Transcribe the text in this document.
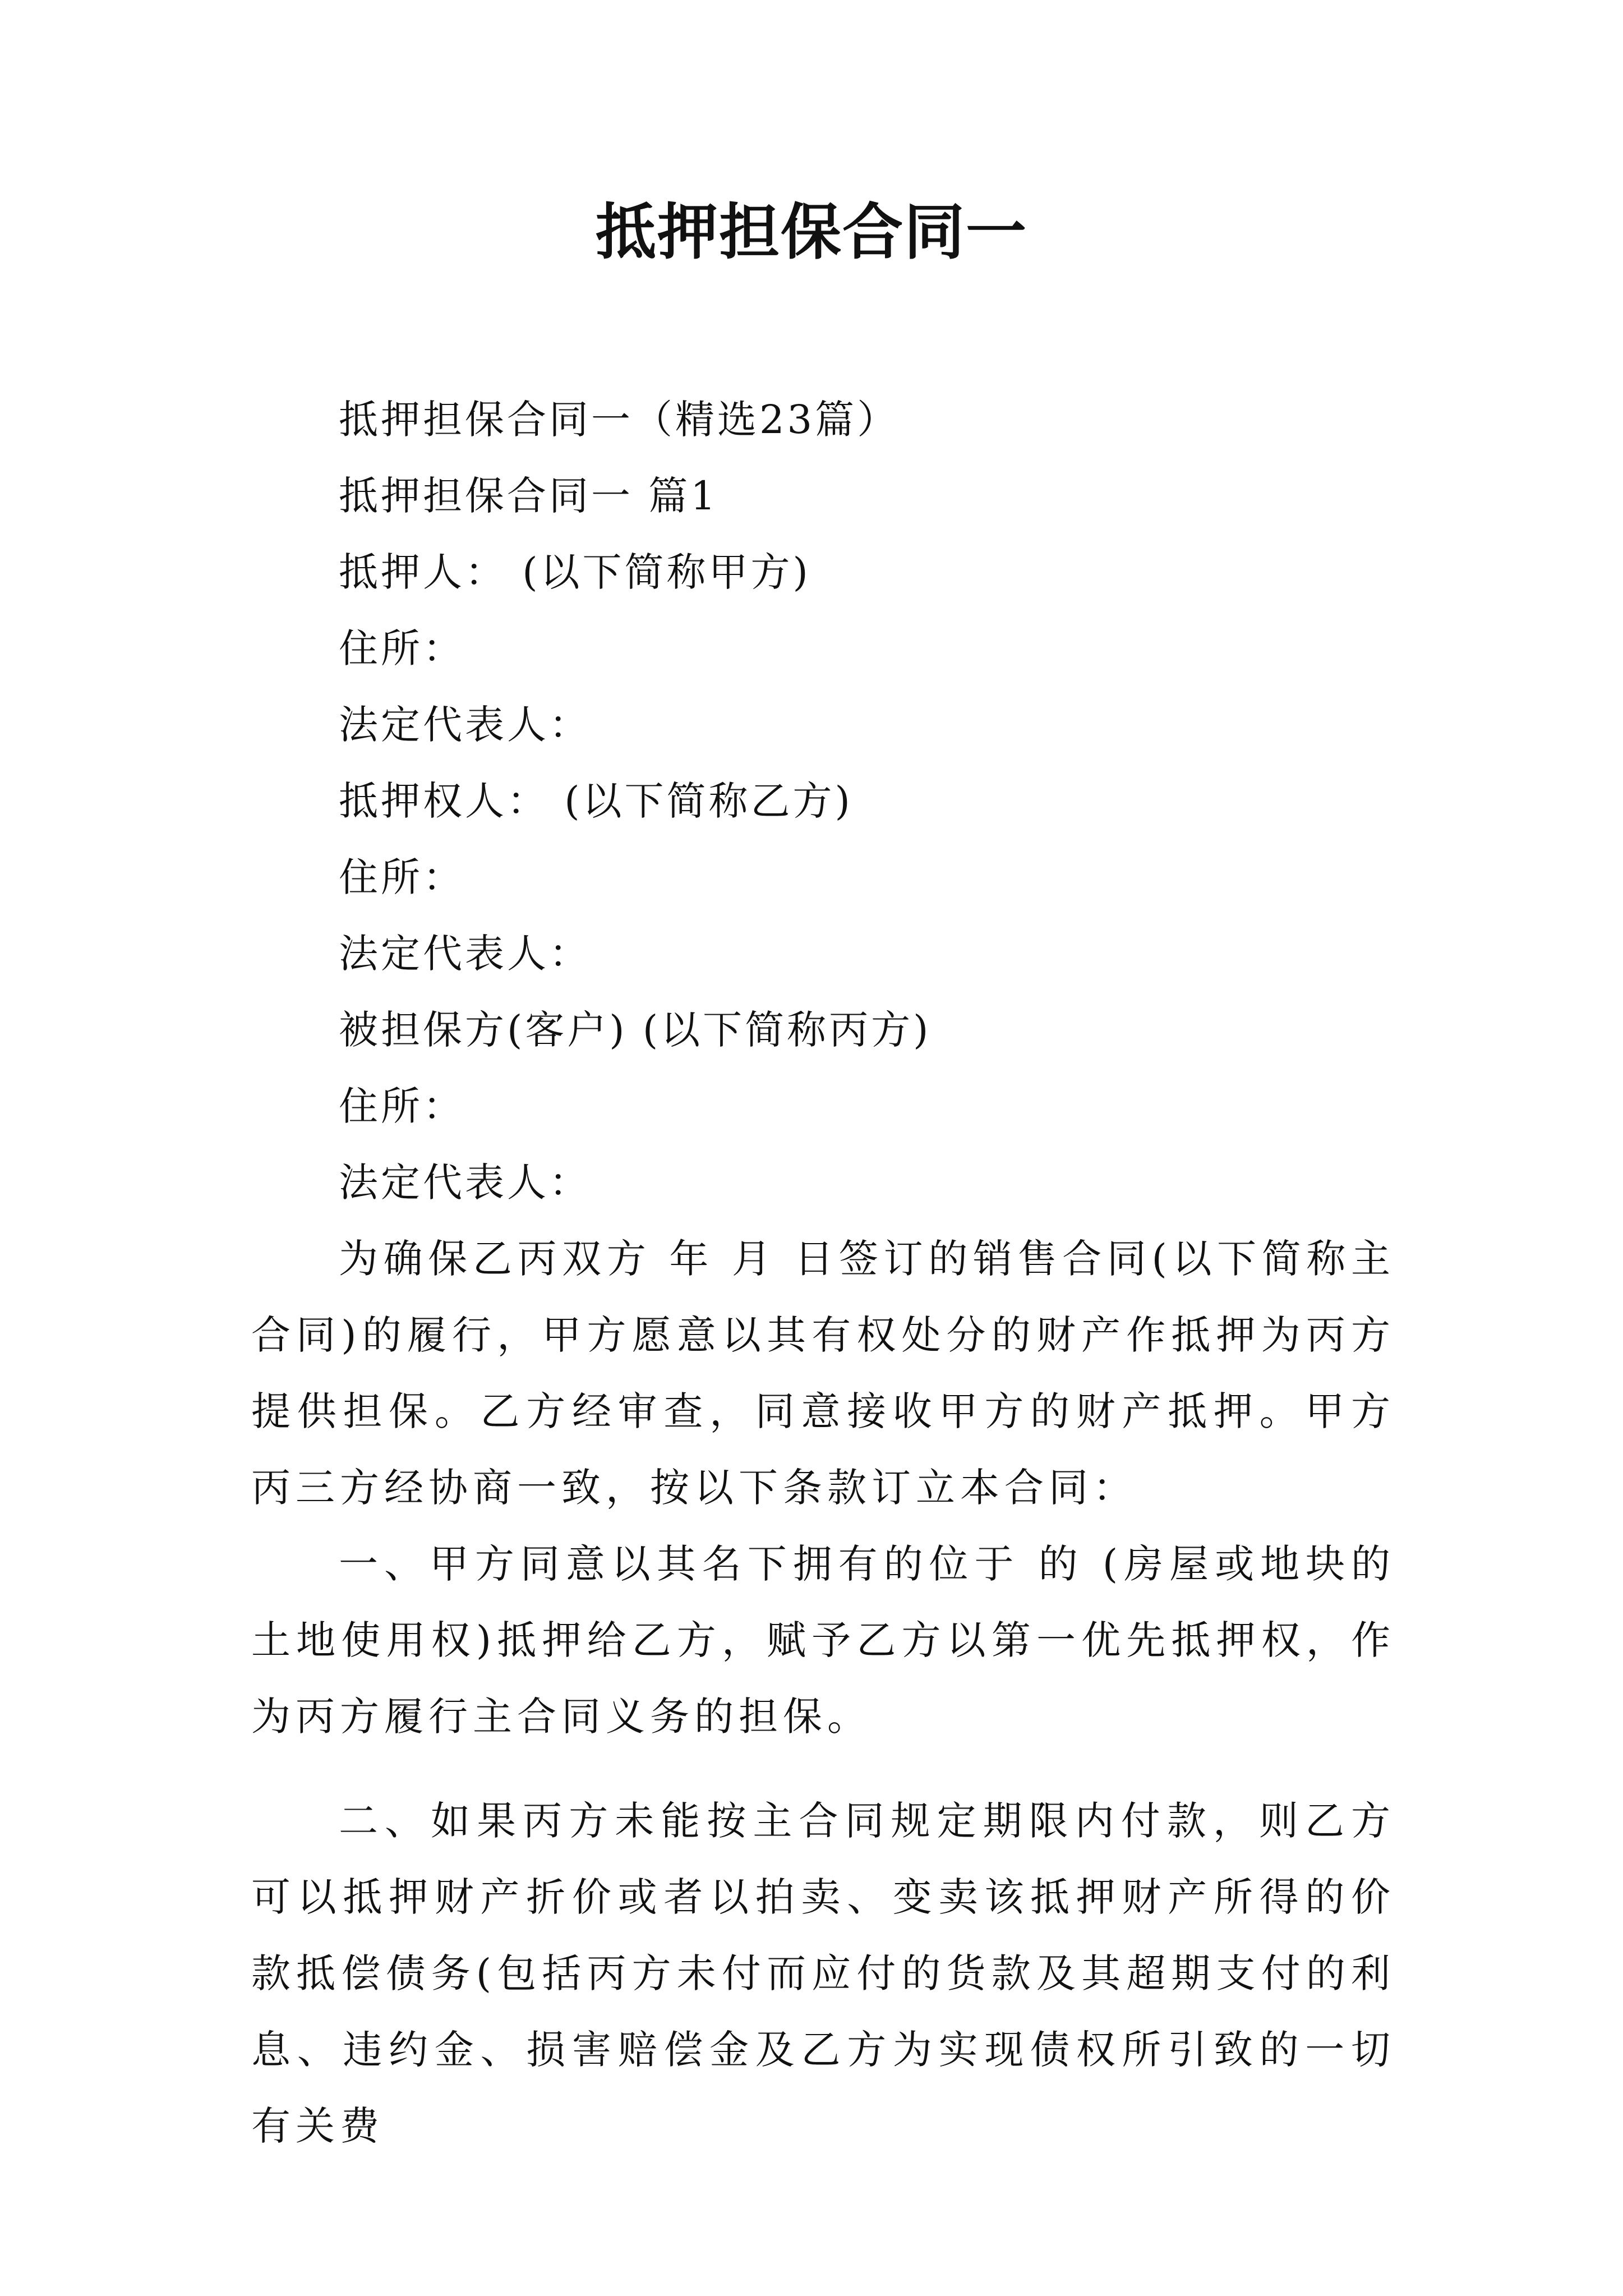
抵押担保合同一
抵押担保合同一（精选23篇）
抵押担保合同一 篇1
抵押人： (以下简称甲方)
住所：
法定代表人：
抵押权人： (以下简称乙方)
住所：
法定代表人：
被担保方(客户) (以下简称丙方)
住所：
法定代表人：
为确保乙丙双方 年 月 日签订的销售合同(以下简称主合同)的履行，甲方愿意以其有权处分的财产作抵押为丙方提供担保。乙方经审查，同意接收甲方的财产抵押。甲方丙三方经协商一致，按以下条款订立本合同：
一、甲方同意以其名下拥有的位于 的 (房屋或地块的土地使用权)抵押给乙方，赋予乙方以第一优先抵押权，作为丙方履行主合同义务的担保。
二、如果丙方未能按主合同规定期限内付款，则乙方可以抵押财产折价或者以拍卖、变卖该抵押财产所得的价款抵偿债务(包括丙方未付而应付的货款及其超期支付的利息、违约金、损害赔偿金及乙方为实现债权所引致的一切有关费
